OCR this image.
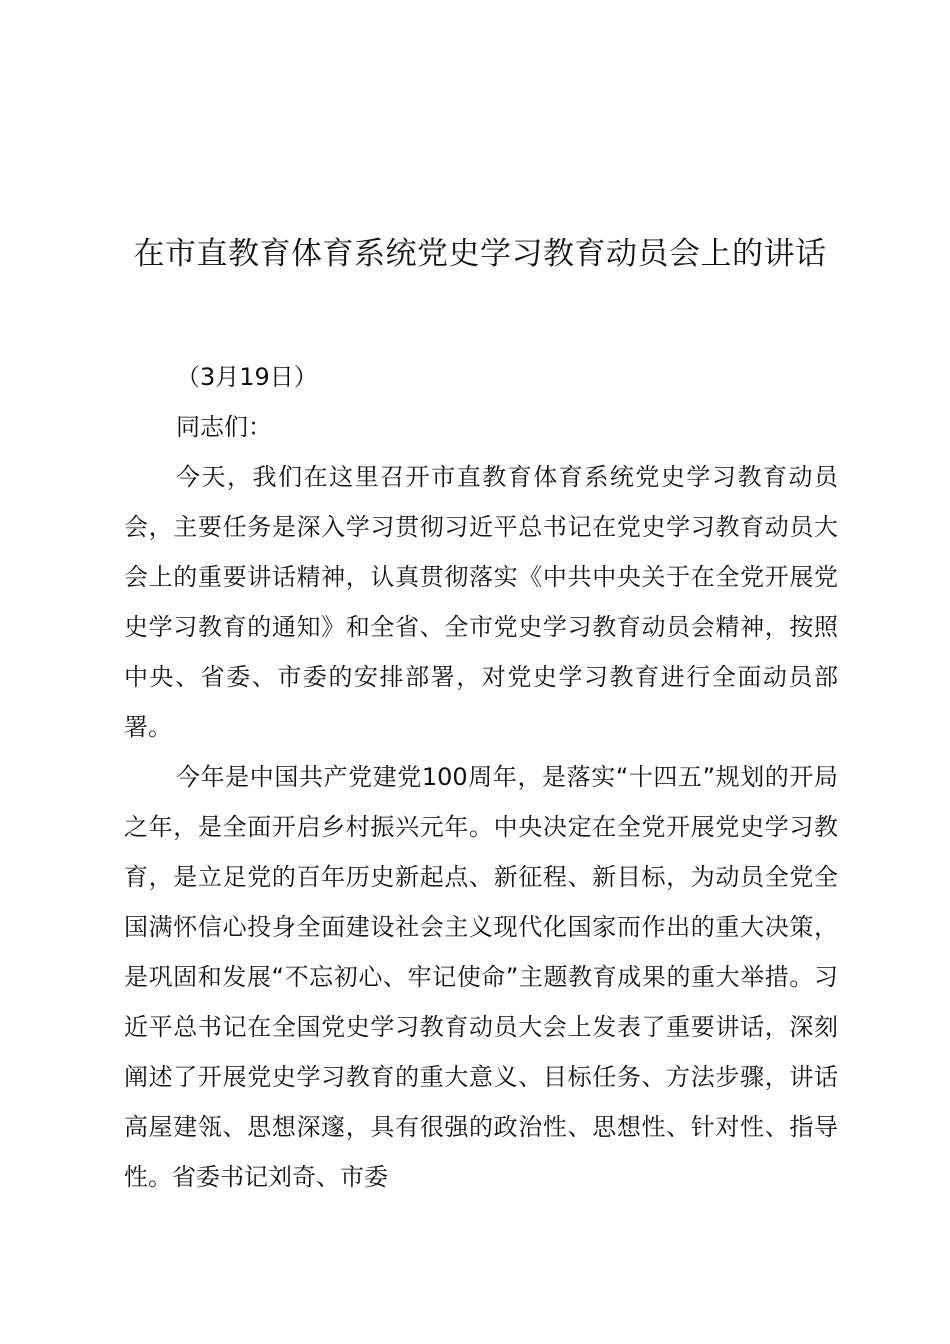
在市直教育体育系统党史学习教育动员会上的讲话

（3月19日）

同志们：

今天，我们在这里召开市直教育体育系统党史学习教育动员会，主要任务是深入学习贯彻习近平总书记在党史学习教育动员大会上的重要讲话精神，认真贯彻落实《中共中央关于在全党开展党史学习教育的通知》和全省、全市党史学习教育动员会精神，按照中央、省委、市委的安排部署，对党史学习教育进行全面动员部署。

今年是中国共产党建党100周年，是落实“十四五”规划的开局之年，是全面开启乡村振兴元年。中央决定在全党开展党史学习教育，是立足党的百年历史新起点、新征程、新目标，为动员全党全国满怀信心投身全面建设社会主义现代化国家而作出的重大决策，是巩固和发展“不忘初心、牢记使命”主题教育成果的重大举措。习近平总书记在全国党史学习教育动员大会上发表了重要讲话，深刻阐述了开展党史学习教育的重大意义、目标任务、方法步骤，讲话高屋建瓴、思想深邃，具有很强的政治性、思想性、针对性、指导性。省委书记刘奇、市委
